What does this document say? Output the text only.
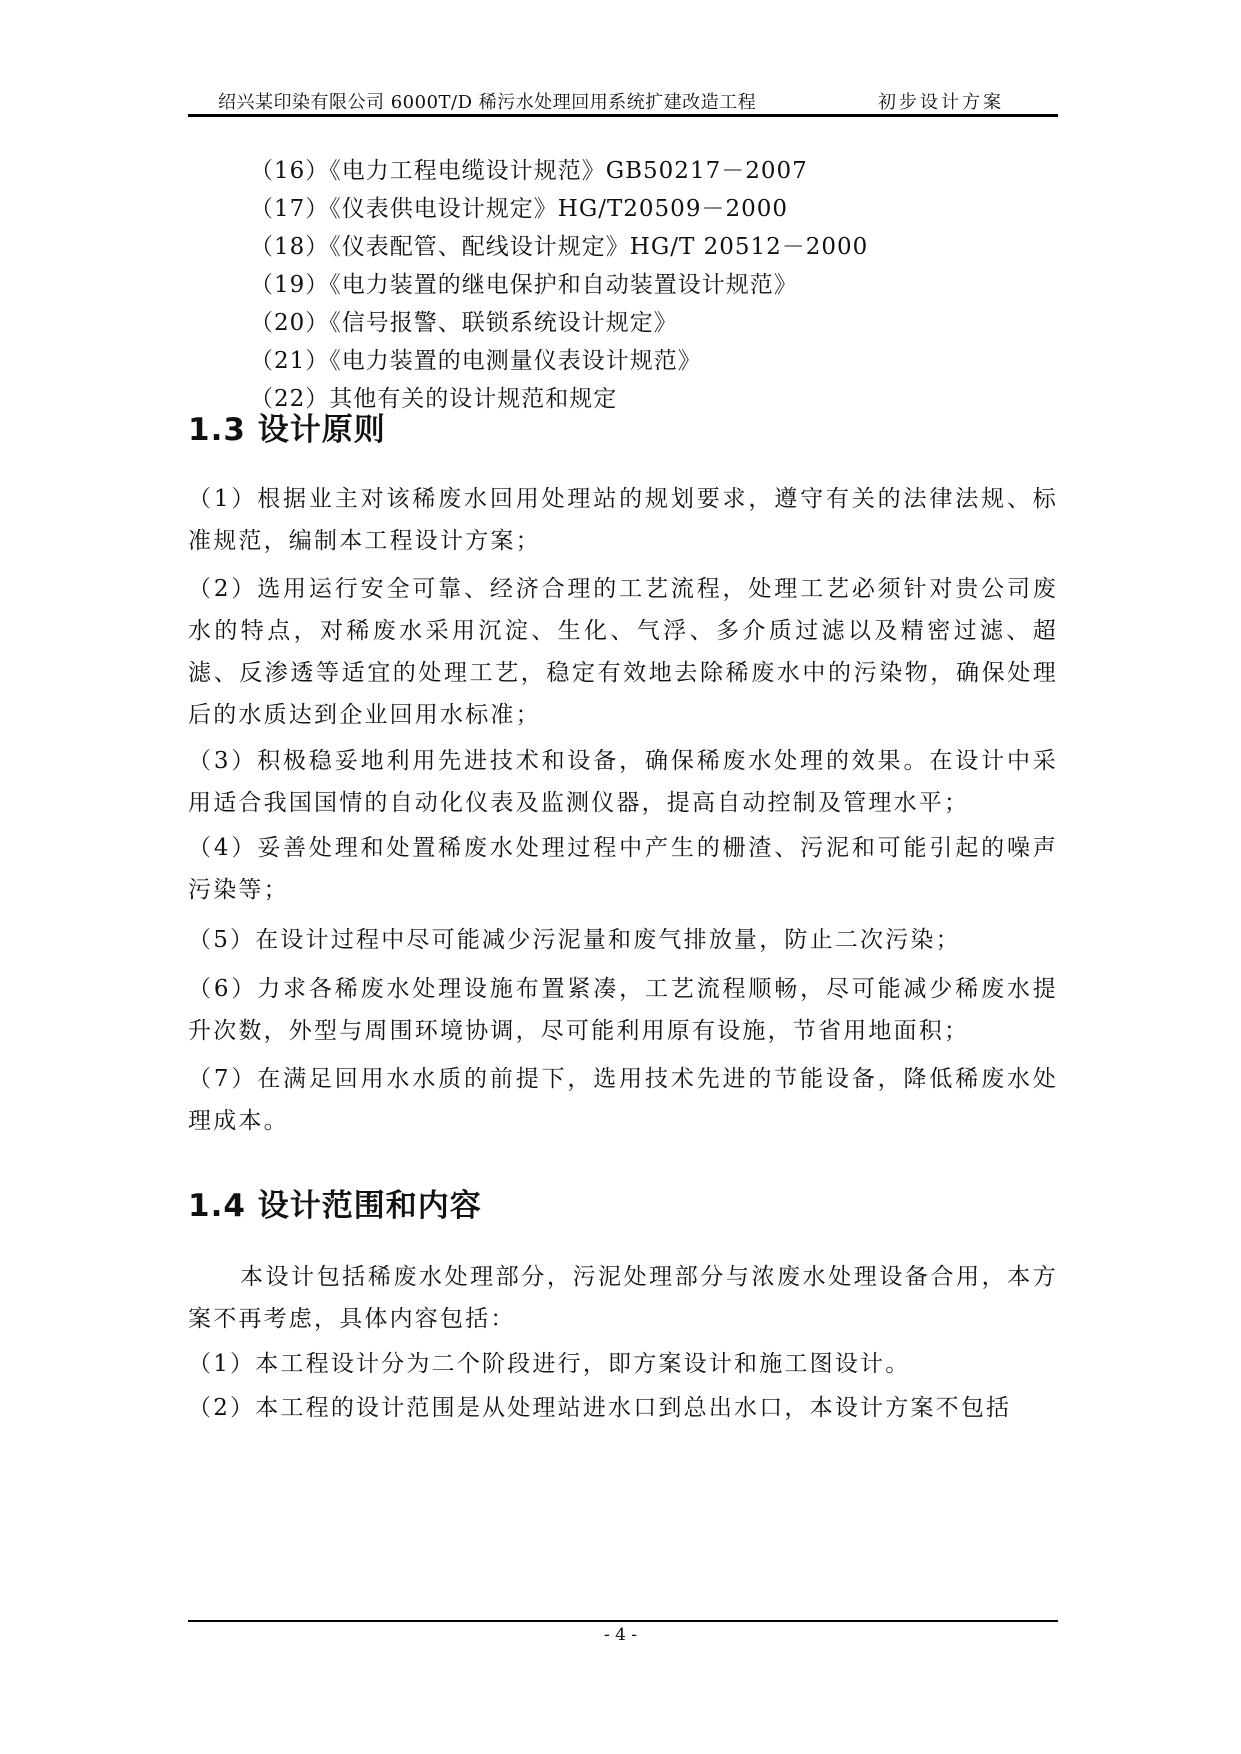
绍兴某印染有限公司 6000T/D 稀污水处理回用系统扩建改造工程	初步设计方案
（16）《电力工程电缆设计规范》GB50217－2007
（17）《仪表供电设计规定》HG/T20509－2000
（18）《仪表配管、配线设计规定》HG/T 20512－2000
（19）《电力装置的继电保护和自动装置设计规范》
（20）《信号报警、联锁系统设计规定》
（21）《电力装置的电测量仪表设计规范》
（22）其他有关的设计规范和规定
1.3 设计原则
（1）根据业主对该稀废水回用处理站的规划要求，遵守有关的法律法规、标准规范，编制本工程设计方案；
（2）选用运行安全可靠、经济合理的工艺流程，处理工艺必须针对贵公司废水的特点，对稀废水采用沉淀、生化、气浮、多介质过滤以及精密过滤、超滤、反渗透等适宜的处理工艺，稳定有效地去除稀废水中的污染物，确保处理后的水质达到企业回用水标准；
（3）积极稳妥地利用先进技术和设备，确保稀废水处理的效果。在设计中采用适合我国国情的自动化仪表及监测仪器，提高自动控制及管理水平；
（4）妥善处理和处置稀废水处理过程中产生的栅渣、污泥和可能引起的噪声污染等；
（5）在设计过程中尽可能减少污泥量和废气排放量，防止二次污染；
（6）力求各稀废水处理设施布置紧凑，工艺流程顺畅，尽可能减少稀废水提升次数，外型与周围环境协调，尽可能利用原有设施，节省用地面积；
（7）在满足回用水水质的前提下，选用技术先进的节能设备，降低稀废水处理成本。
1.4 设计范围和内容
本设计包括稀废水处理部分，污泥处理部分与浓废水处理设备合用，本方案不再考虑，具体内容包括：
（1）本工程设计分为二个阶段进行，即方案设计和施工图设计。
（2）本工程的设计范围是从处理站进水口到总出水口，本设计方案不包括
- 4 -
